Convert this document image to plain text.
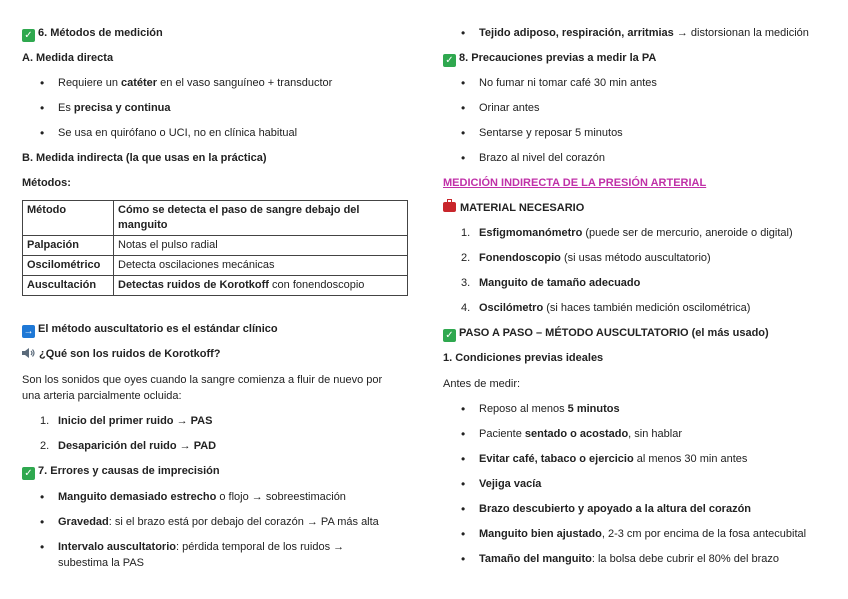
✓ 6. Métodos de medición
A. Medida directa
• Requiere un catéter en el vaso sanguíneo + transductor
• Es precisa y continua
• Se usa en quirófano o UCI, no en clínica habitual
B. Medida indirecta (la que usas en la práctica)
Métodos:
Método	Cómo se detecta el paso de sangre debajo del manguito
Palpación	Notas el pulso radial
Oscilométrico	Detecta oscilaciones mecánicas
Auscultación	Detectas ruidos de Korotkoff con fonendoscopio
→ El método auscultatorio es el estándar clínico
¿Qué son los ruidos de Korotkoff?
Son los sonidos que oyes cuando la sangre comienza a fluir de nuevo por
una arteria parcialmente ocluida:
1. Inicio del primer ruido → PAS
2. Desaparición del ruido → PAD
✓ 7. Errores y causas de imprecisión
• Manguito demasiado estrecho o flojo → sobreestimación
• Gravedad: si el brazo está por debajo del corazón → PA más alta
• Intervalo auscultatorio: pérdida temporal de los ruidos →
subestima la PAS
• Tejido adiposo, respiración, arritmias → distorsionan la medición
✓ 8. Precauciones previas a medir la PA
• No fumar ni tomar café 30 min antes
• Orinar antes
• Sentarse y reposar 5 minutos
• Brazo al nivel del corazón
MEDICIÓN INDIRECTA DE LA PRESIÓN ARTERIAL
MATERIAL NECESARIO
1. Esfigmomanómetro (puede ser de mercurio, aneroide o digital)
2. Fonendoscopio (si usas método auscultatorio)
3. Manguito de tamaño adecuado
4. Oscilómetro (si haces también medición oscilométrica)
✓ PASO A PASO – MÉTODO AUSCULTATORIO (el más usado)
1. Condiciones previas ideales
Antes de medir:
• Reposo al menos 5 minutos
• Paciente sentado o acostado, sin hablar
• Evitar café, tabaco o ejercicio al menos 30 min antes
• Vejiga vacía
• Brazo descubierto y apoyado a la altura del corazón
• Manguito bien ajustado, 2-3 cm por encima de la fosa antecubital
• Tamaño del manguito: la bolsa debe cubrir el 80% del brazo
